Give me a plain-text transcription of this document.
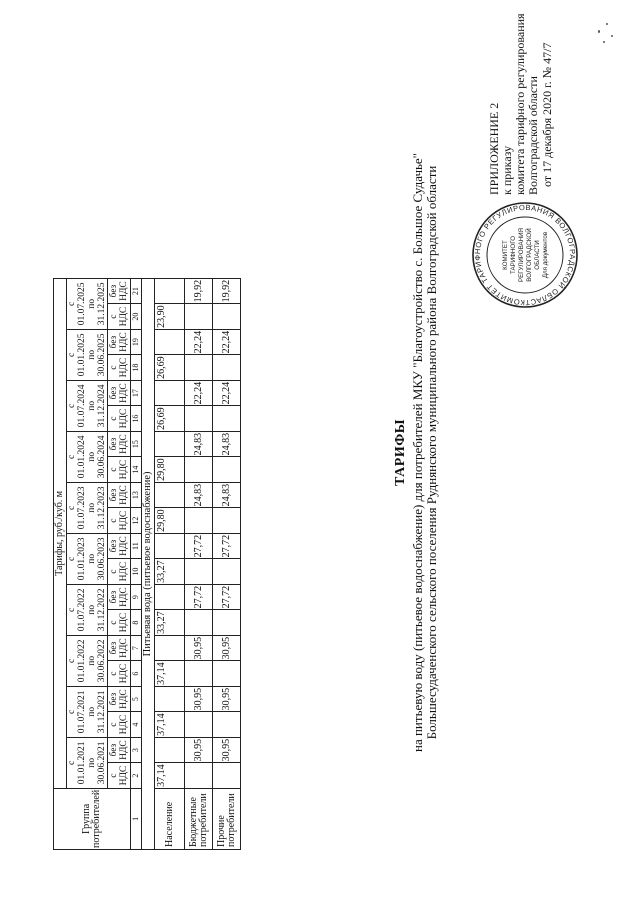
КОМИТЕТ ТАРИФНОГО РЕГУЛИРОВАНИЯ ВОЛГОГРАДСКОЙ ОБЛАСТ
КОМИТЕТ ТАРИФНОГО РЕГУЛИРОВАНИЯ ВОЛГОГРАДСКОЙ ОБЛАСТИ Для документов
ПРИЛОЖЕНИЕ 2 к приказу комитета тарифного регулирования Волгоградской области от 17 декабря 2020 г. № 47/7
ТАРИФЫ на питьевую воду (питьевое водоснабжение) для потребителей МКУ "Благоустройство с. Большое Судачье" Большесудаченского сельского поселения Руднянского муниципального района Волгоградской области
Группа потребителей	Тарифы, руб./куб. м																			
	с 01.01.2021 по 30.06.2021		с 01.07.2021 по 31.12.2021		с 01.01.2022 по 30.06.2022		с 01.07.2022 по 31.12.2022		с 01.01.2023 по 30.06.2023		с 01.07.2023 по 31.12.2023		с 01.01.2024 по 30.06.2024		с 01.07.2024 по 31.12.2024		с 01.01.2025 по 30.06.2025		с 01.07.2025 по 31.12.2025	
	с НДС	без НДС	с НДС	без НДС	с НДС	без НДС	с НДС	без НДС	с НДС	без НДС	с НДС	без НДС	с НДС	без НДС	с НДС	без НДС	с НДС	без НДС	с НДС	без НДС
1	2	3	4	5	6	7	8	9	10	11	12	13	14	15	16	17	18	19	20	21
Питьевая вода (питьевое водоснабжение)																				
Население	37,14		37,14		37,14		33,27		33,27		29,80		29,80		26,69		26,69		23,90	
Бюджетные потребители		30,95		30,95		30,95		27,72		27,72		24,83		24,83		22,24		22,24		19,92
Прочие потребители		30,95		30,95		30,95		27,72		27,72		24,83		24,83		22,24		22,24		19,92
